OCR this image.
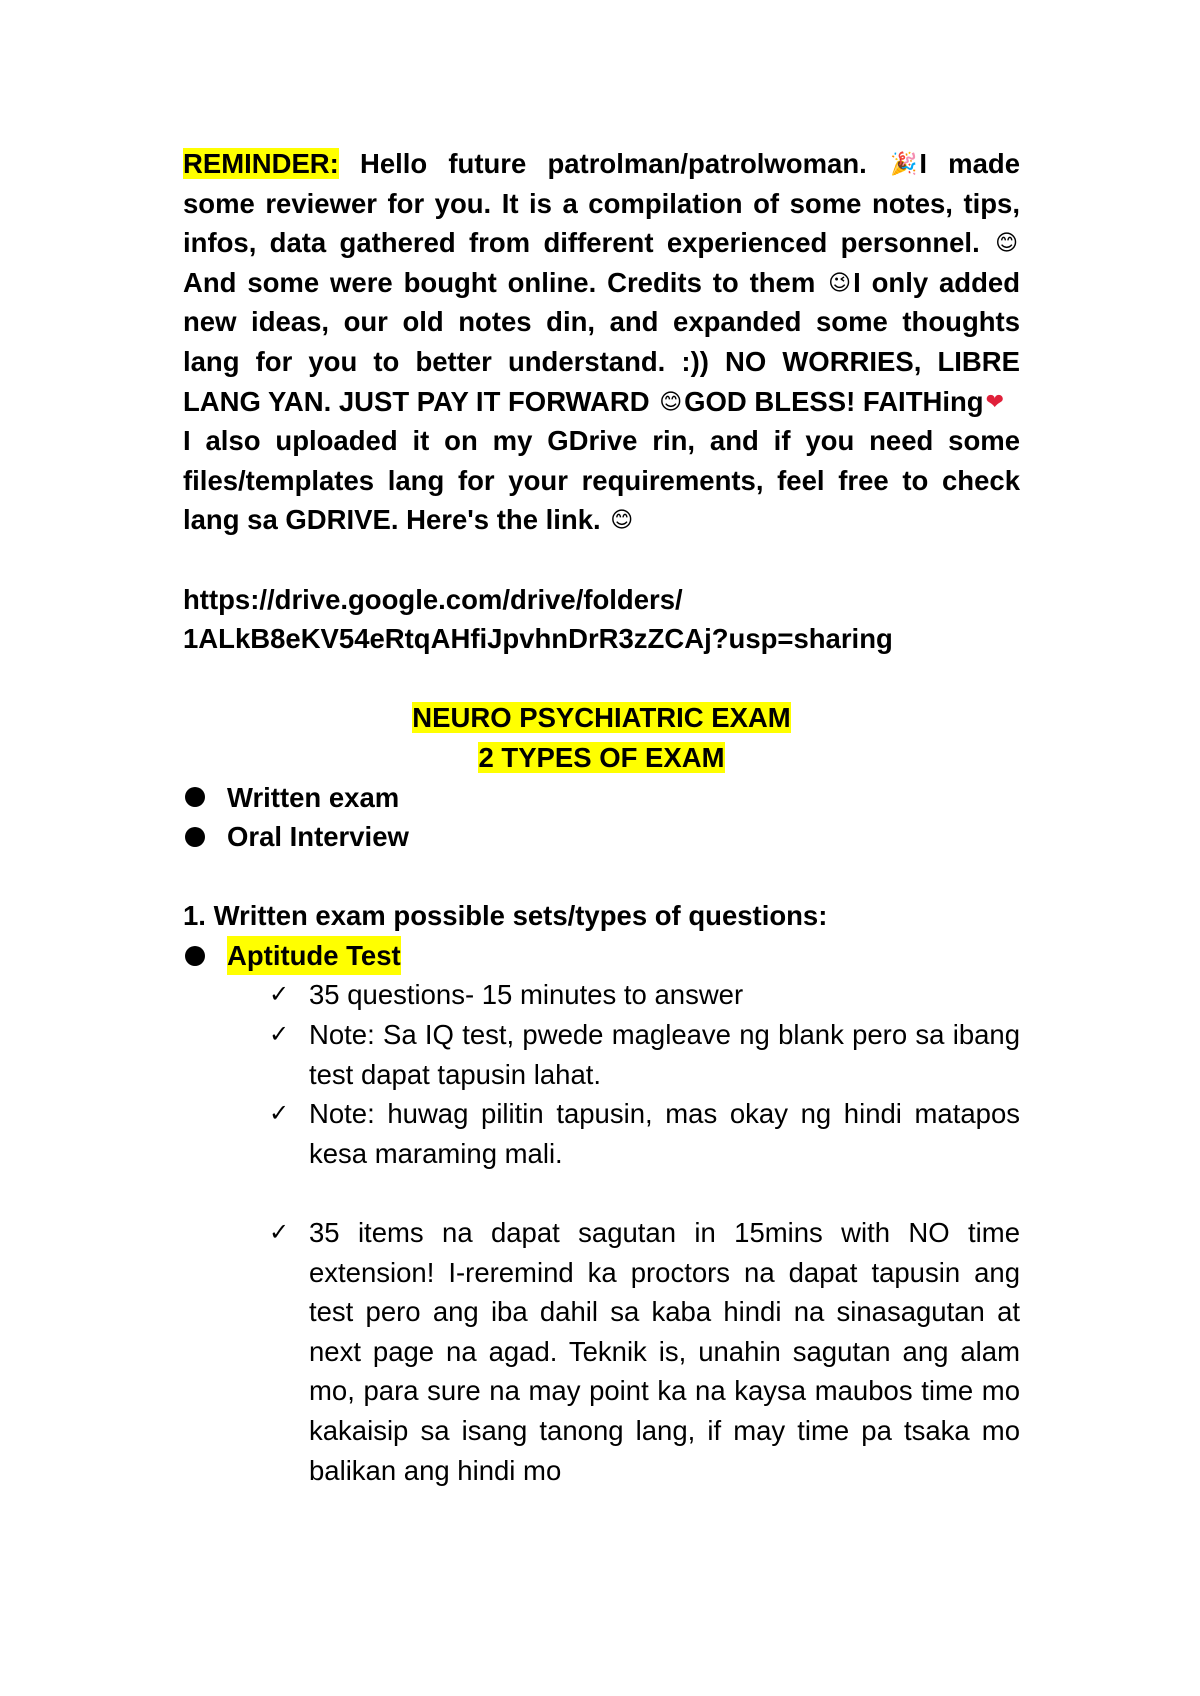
REMINDER: Hello future patrolman/patrolwoman. 🎉I made some reviewer for you. It is a compilation of some notes, tips, infos, data gathered from different experienced personnel. 😊 And some were bought online. Credits to them 😉I only added new ideas, our old notes din, and expanded some thoughts lang for you to better understand. :)) NO WORRIES, LIBRE LANG YAN. JUST PAY IT FORWARD 😊GOD BLESS! FAITHing❤
I also uploaded it on my GDrive rin, and if you need some files/templates lang for your requirements, feel free to check lang sa GDRIVE. Here's the link. 😊

https://drive.google.com/drive/folders/
1ALkB8eKV54eRtqAHfiJpvhnDrR3zZCAj?usp=sharing

NEURO PSYCHIATRIC EXAM
2 TYPES OF EXAM

Written exam
Oral Interview

1. Written exam possible sets/types of questions:

Aptitude Test
✓ 35 questions- 15 minutes to answer
✓ Note: Sa IQ test, pwede magleave ng blank pero sa ibang test dapat tapusin lahat.
✓ Note: huwag pilitin tapusin, mas okay ng hindi matapos kesa maraming mali.
✓ 35 items na dapat sagutan in 15mins with NO time extension! I-reremind ka proctors na dapat tapusin ang test pero ang iba dahil sa kaba hindi na sinasagutan at next page na agad. Teknik is, unahin sagutan ang alam mo, para sure na may point ka na kaysa maubos time mo kakaisip sa isang tanong lang, if may time pa tsaka mo balikan ang hindi mo
